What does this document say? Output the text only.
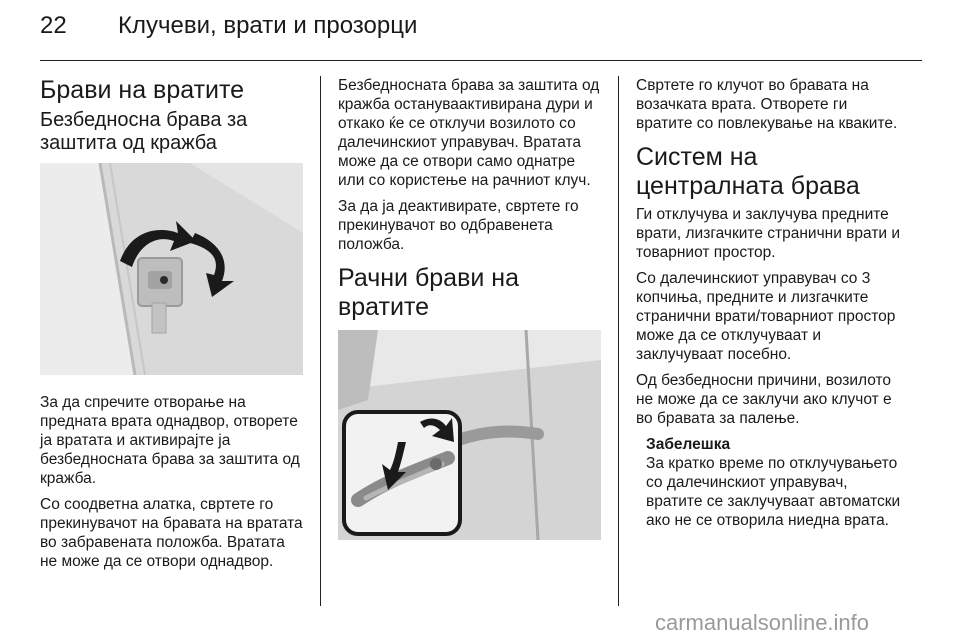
22 Клучеви, врати и прозорци
Брави на вратите
Безбедносна брава за заштита од кражба

За да спречите отворање на предната врата однадвор, отворете ја вратата и активирајте ја безбедносната брава за заштита од кражба.

Со соодветна алатка, свртете го прекинувачот на бравата на вратата во забравената положба. Вратата не може да се отвори однадвор.

Безбедносната брава за заштита од кражба остануваактивирана дури и откако ќе се отклучи возилото со далечинскиот управувач. Вратата може да се отвори само однатре или со користење на рачниот клуч.

За да ја деактивирате, свртете го прекинувачот во одбравенета положба.

Рачни брави на вратите

Свртете го клучот во бравата на возачката врата. Отворете ги вратите со повлекување на кваките.

Систем на централната брава

Ги отклучува и заклучува предните врати, лизгачките странични врати и товарниот простор.

Со далечинскиот управувач со 3 копчиња, предните и лизгачките странични врати/товарниот простор може да се отклучуваат и заклучуваат посебно.

Од безбедносни причини, возилото не може да се заклучи ако клучот е во бравата за палење.

Забелешка

За кратко време по отклучувањето со далечинскиот управувач, вратите се заклучуваат автоматски ако не се отворила ниедна врата.

carmanualsonline.info
